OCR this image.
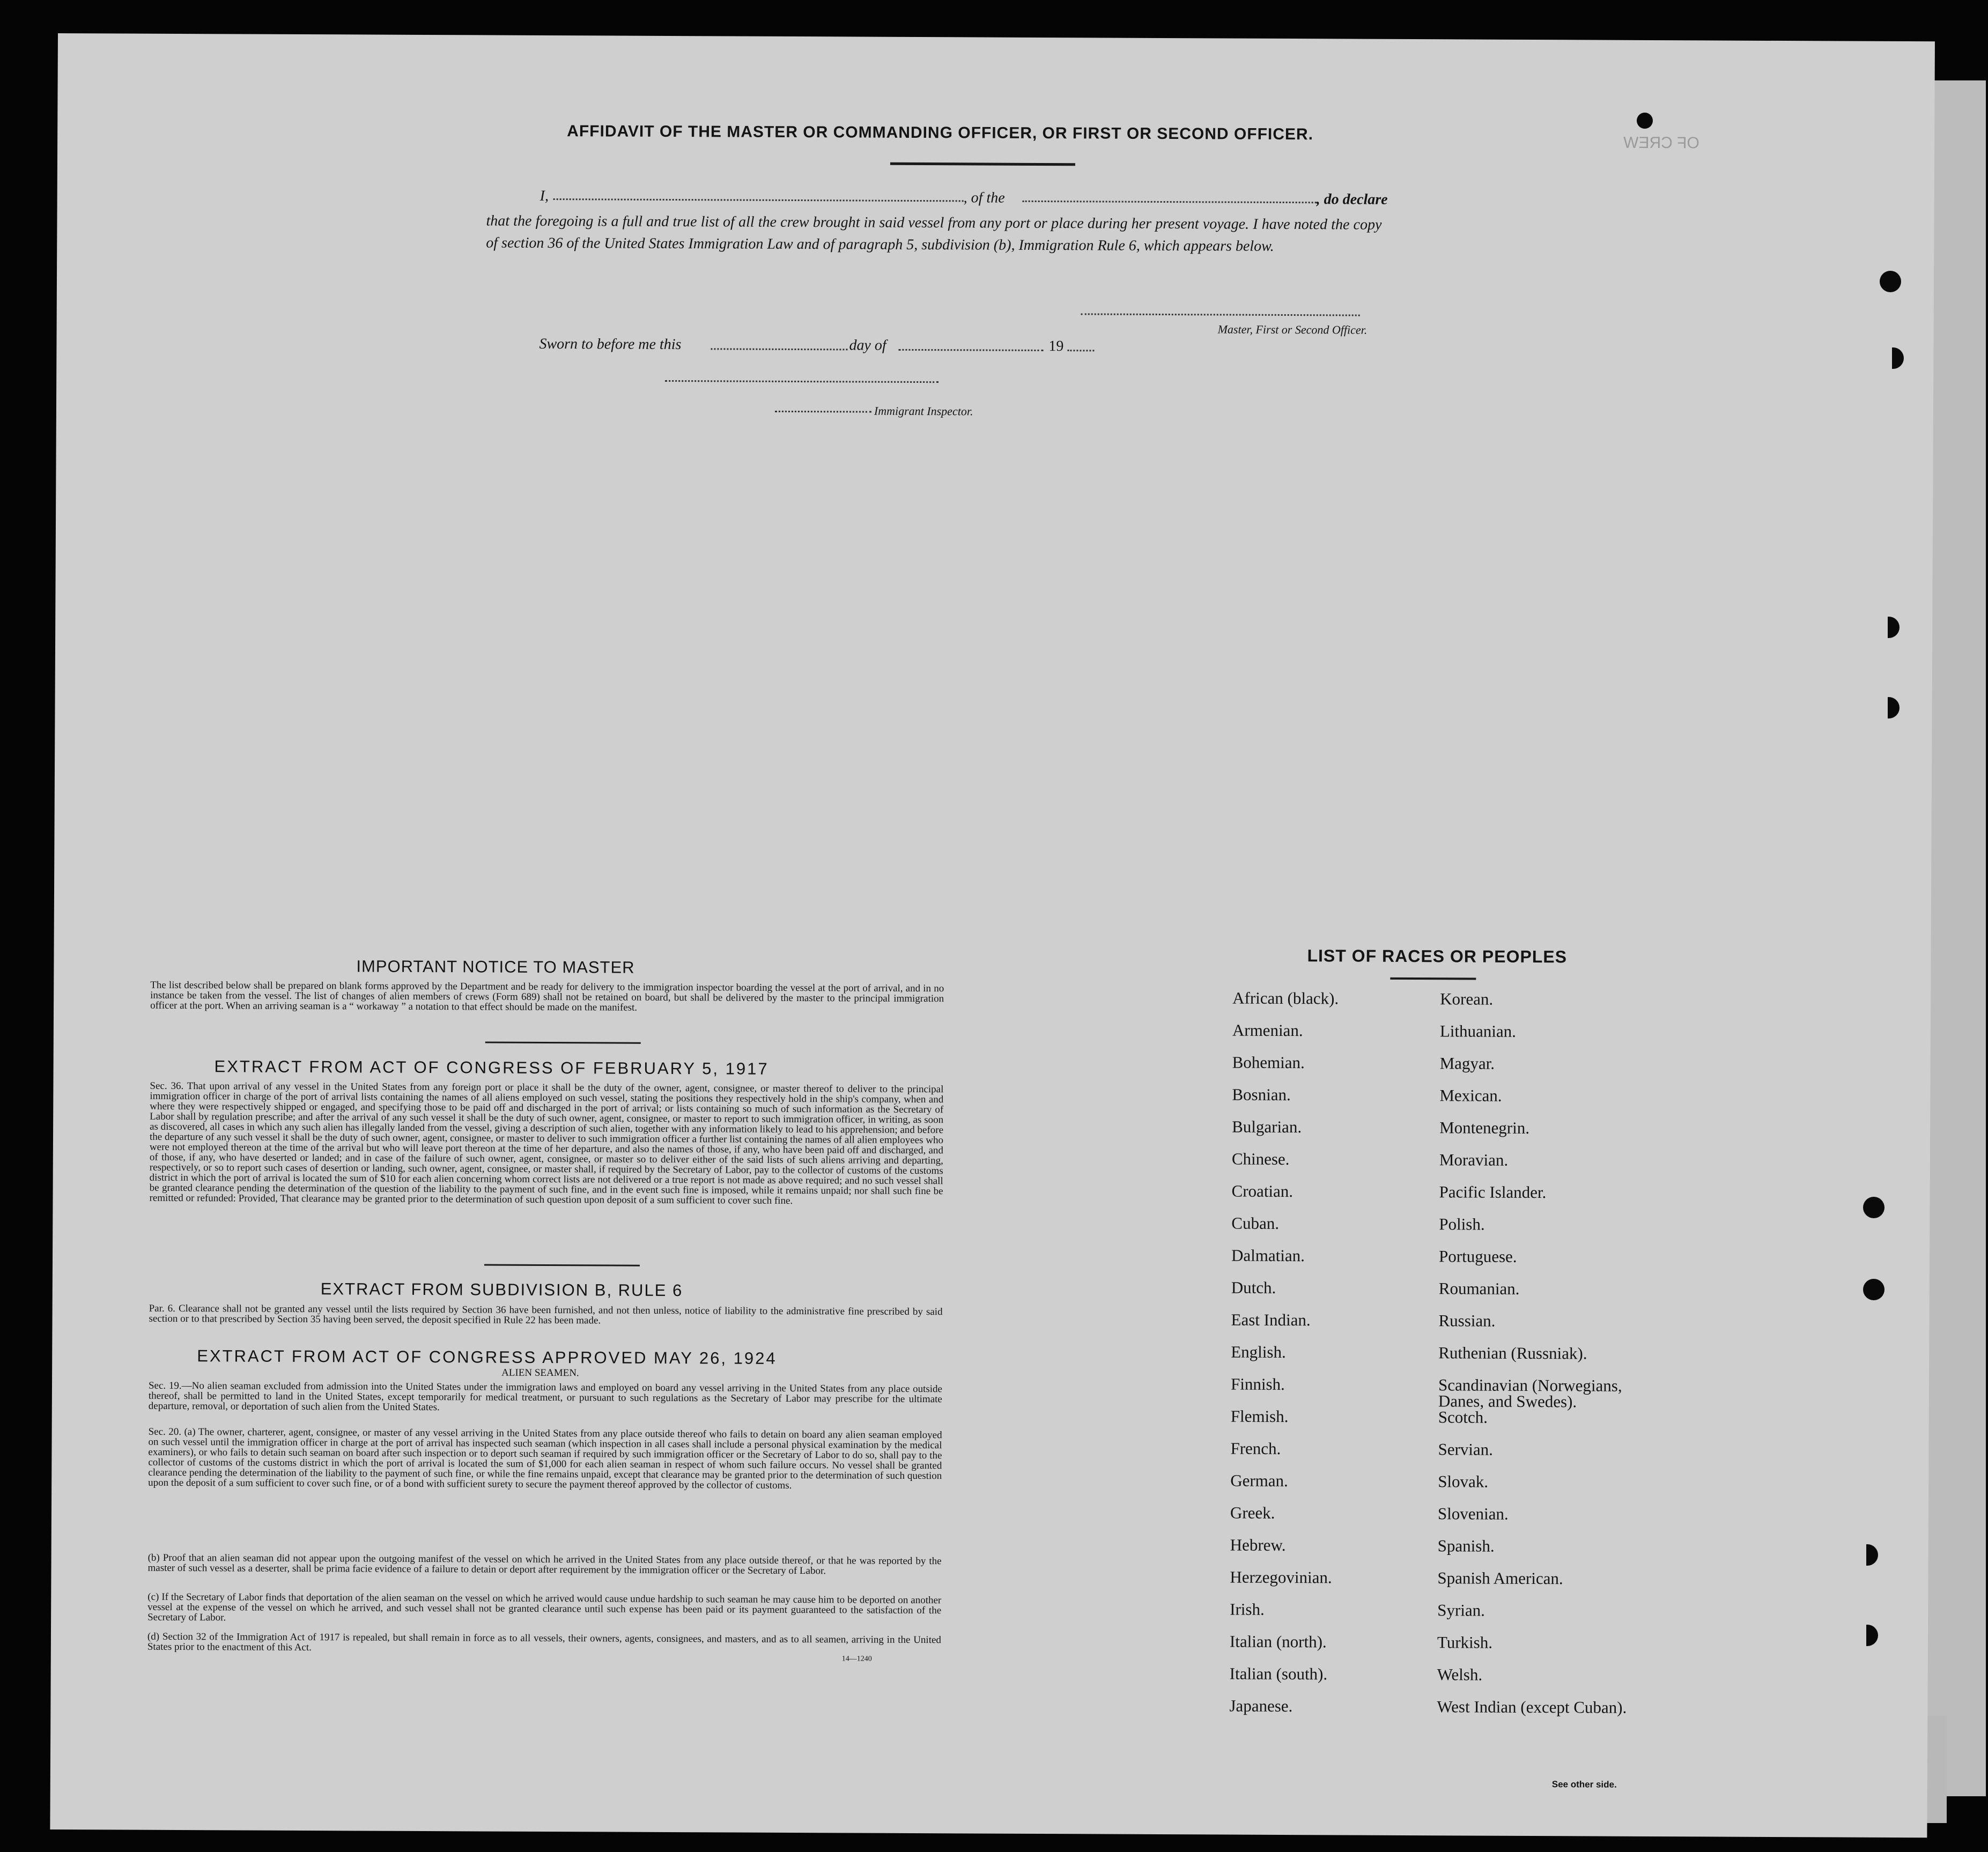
OF CREW
AFFIDAVIT OF THE MASTER OR COMMANDING OFFICER, OR FIRST OR SECOND OFFICER.
I,	, of the	, do declare
that the foregoing is a full and true list of all the crew brought in said vessel from any port or place during her present voyage. I have noted the copy of section 36 of the United States Immigration Law and of paragraph 5, subdivision (b), Immigration Rule 6, which appears below.
Master, First or Second Officer.
Sworn to before me this	day of	19
Immigrant Inspector.
IMPORTANT NOTICE TO MASTER
The list described below shall be prepared on blank forms approved by the Department and be ready for delivery to the immigration inspector boarding the vessel at the port of arrival, and in no instance be taken from the vessel. The list of changes of alien members of crews (Form 689) shall not be retained on board, but shall be delivered by the master to the principal immigration officer at the port. When an arriving seaman is a “ workaway ” a notation to that effect should be made on the manifest.
EXTRACT FROM ACT OF CONGRESS OF FEBRUARY 5, 1917
Sec. 36. That upon arrival of any vessel in the United States from any foreign port or place it shall be the duty of the owner, agent, consignee, or master thereof to deliver to the principal immigration officer in charge of the port of arrival lists containing the names of all aliens employed on such vessel, stating the positions they respectively hold in the ship's company, when and where they were respectively shipped or engaged, and specifying those to be paid off and discharged in the port of arrival; or lists containing so much of such information as the Secretary of Labor shall by regulation prescribe; and after the arrival of any such vessel it shall be the duty of such owner, agent, consignee, or master to report to such immigration officer, in writing, as soon as discovered, all cases in which any such alien has illegally landed from the vessel, giving a description of such alien, together with any information likely to lead to his apprehension; and before the departure of any such vessel it shall be the duty of such owner, agent, consignee, or master to deliver to such immigration officer a further list containing the names of all alien employees who were not employed thereon at the time of the arrival but who will leave port thereon at the time of her departure, and also the names of those, if any, who have been paid off and discharged, and of those, if any, who have deserted or landed; and in case of the failure of such owner, agent, consignee, or master so to deliver either of the said lists of such aliens arriving and departing, respectively, or so to report such cases of desertion or landing, such owner, agent, consignee, or master shall, if required by the Secretary of Labor, pay to the collector of customs of the customs district in which the port of arrival is located the sum of $10 for each alien concerning whom correct lists are not delivered or a true report is not made as above required; and no such vessel shall be granted clearance pending the determination of the question of the liability to the payment of such fine, and in the event such fine is imposed, while it remains unpaid; nor shall such fine be remitted or refunded: Provided, That clearance may be granted prior to the determination of such question upon deposit of a sum sufficient to cover such fine.
EXTRACT FROM SUBDIVISION B, RULE 6
Par. 6. Clearance shall not be granted any vessel until the lists required by Section 36 have been furnished, and not then unless, notice of liability to the administrative fine prescribed by said section or to that prescribed by Section 35 having been served, the deposit specified in Rule 22 has been made.
EXTRACT FROM ACT OF CONGRESS APPROVED MAY 26, 1924
ALIEN SEAMEN.
Sec. 19.—No alien seaman excluded from admission into the United States under the immigration laws and employed on board any vessel arriving in the United States from any place outside thereof, shall be permitted to land in the United States, except temporarily for medical treatment, or pursuant to such regulations as the Secretary of Labor may prescribe for the ultimate departure, removal, or deportation of such alien from the United States.
Sec. 20. (a) The owner, charterer, agent, consignee, or master of any vessel arriving in the United States from any place outside thereof who fails to detain on board any alien seaman employed on such vessel until the immigration officer in charge at the port of arrival has inspected such seaman (which inspection in all cases shall include a personal physical examination by the medical examiners), or who fails to detain such seaman on board after such inspection or to deport such seaman if required by such immigration officer or the Secretary of Labor to do so, shall pay to the collector of customs of the customs district in which the port of arrival is located the sum of $1,000 for each alien seaman in respect of whom such failure occurs. No vessel shall be granted clearance pending the determination of the liability to the payment of such fine, or while the fine remains unpaid, except that clearance may be granted prior to the determination of such question upon the deposit of a sum sufficient to cover such fine, or of a bond with sufficient surety to secure the payment thereof approved by the collector of customs.
(b) Proof that an alien seaman did not appear upon the outgoing manifest of the vessel on which he arrived in the United States from any place outside thereof, or that he was reported by the master of such vessel as a deserter, shall be prima facie evidence of a failure to detain or deport after requirement by the immigration officer or the Secretary of Labor.
(c) If the Secretary of Labor finds that deportation of the alien seaman on the vessel on which he arrived would cause undue hardship to such seaman he may cause him to be deported on another vessel at the expense of the vessel on which he arrived, and such vessel shall not be granted clearance until such expense has been paid or its payment guaranteed to the satisfaction of the Secretary of Labor.
(d) Section 32 of the Immigration Act of 1917 is repealed, but shall remain in force as to all vessels, their owners, agents, consignees, and masters, and as to all seamen, arriving in the United States prior to the enactment of this Act.
14—1240
LIST OF RACES OR PEOPLES
African (black).
Armenian.
Bohemian.
Bosnian.
Bulgarian.
Chinese.
Croatian.
Cuban.
Dalmatian.
Dutch.
East Indian.
English.
Finnish.
Flemish.
French.
German.
Greek.
Hebrew.
Herzegovinian.
Irish.
Italian (north).
Italian (south).
Japanese.
Korean.
Lithuanian.
Magyar.
Mexican.
Montenegrin.
Moravian.
Pacific Islander.
Polish.
Portuguese.
Roumanian.
Russian.
Ruthenian (Russniak).
Scandinavian (Norwegians,
Danes, and Swedes).
Scotch.
Servian.
Slovak.
Slovenian.
Spanish.
Spanish American.
Syrian.
Turkish.
Welsh.
West Indian (except Cuban).
See other side.
